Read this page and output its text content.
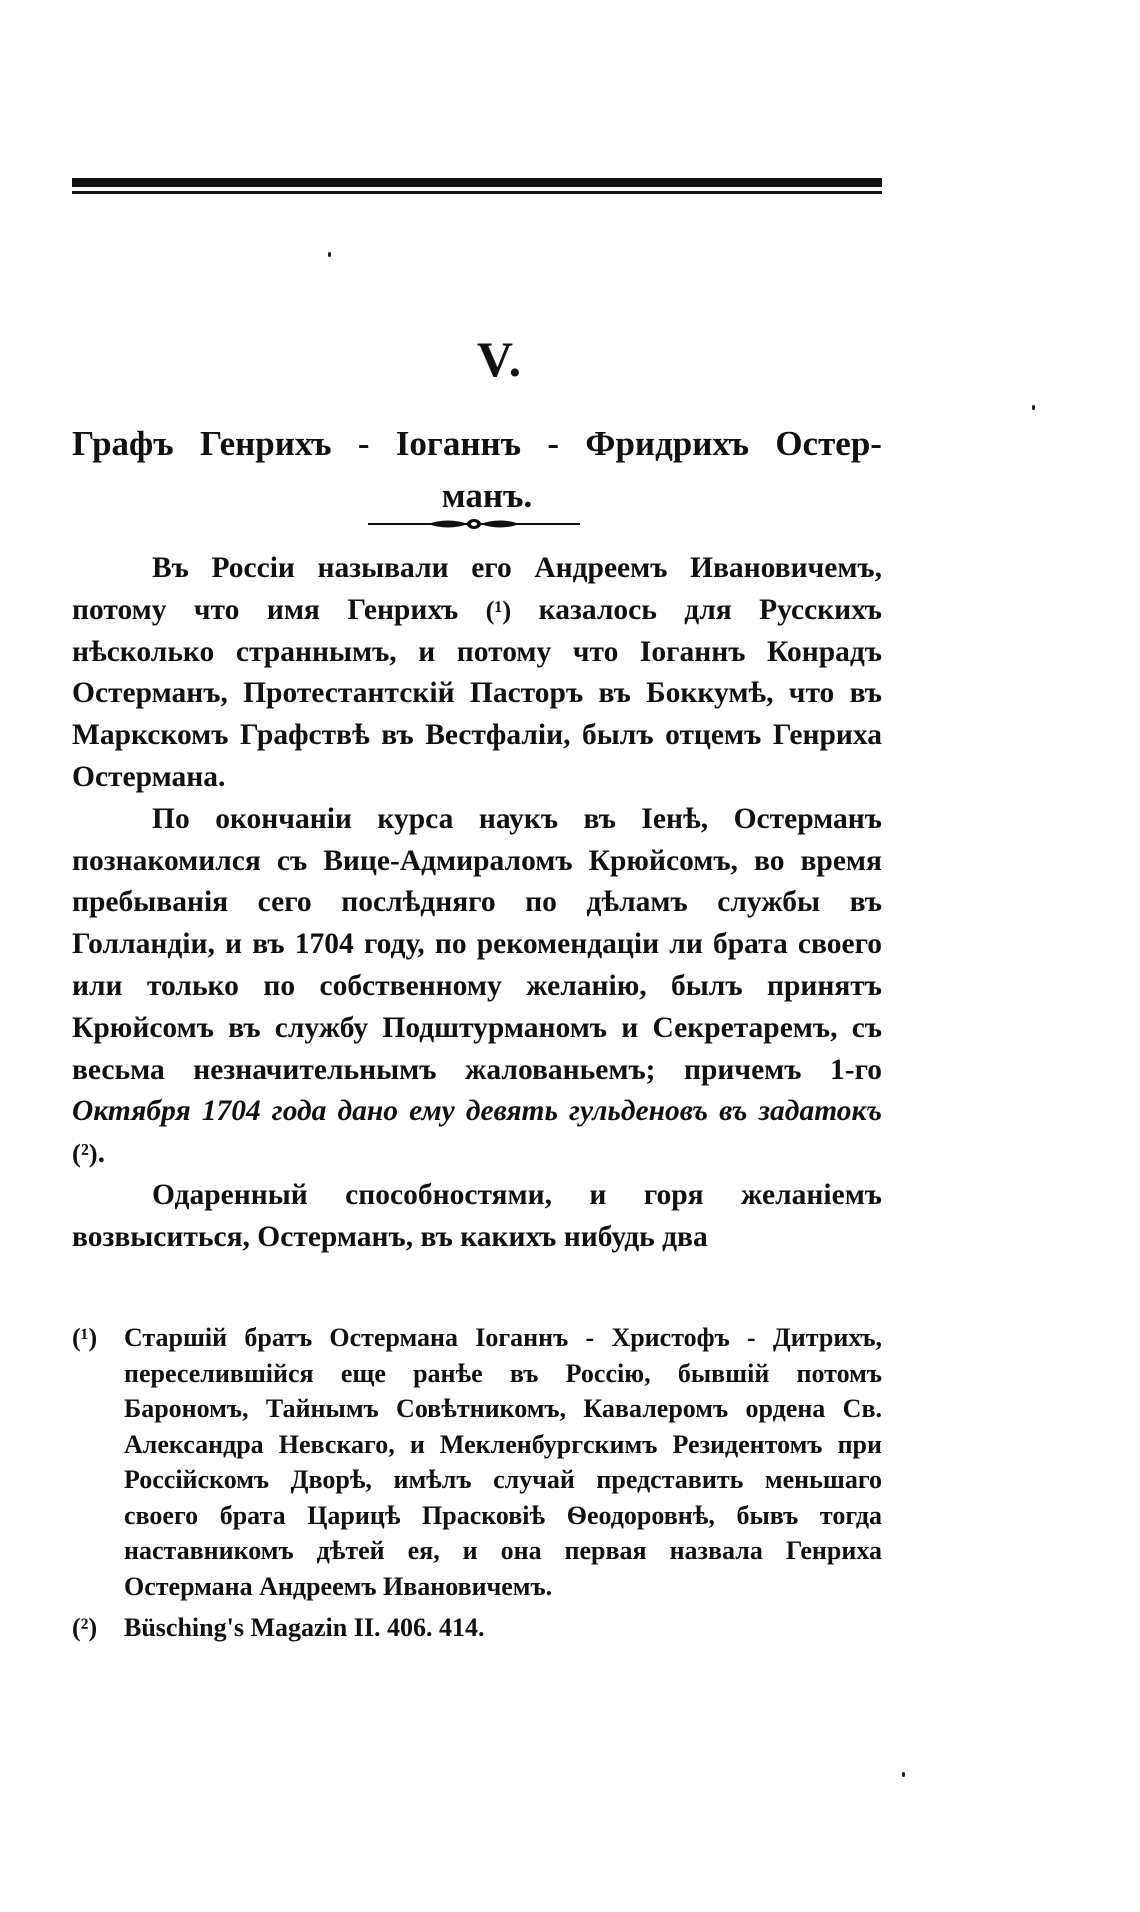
V.
Графъ Генрихъ - Іоганнъ - Фридрихъ Остер-
манъ.

Въ Россіи называли его Андреемъ Ивановичемъ, потому что имя Генрихъ (¹) казалось для Русскихъ нѣсколько страннымъ, и потому что Іоганнъ Конрадъ Остерманъ, Протестантскій Пасторъ въ Боккумѣ, что въ Маркскомъ Графствѣ въ Вестфаліи, былъ отцемъ Генриха Остермана.

По окончаніи курса наукъ въ Іенѣ, Остерманъ познакомился съ Вице-Адмираломъ Крюйсомъ, во время пребыванія сего послѣдняго по дѣламъ службы въ Голландіи, и въ 1704 году, по рекомендаціи ли брата своего или только по собственному желанію, былъ принятъ Крюйсомъ въ службу Подштурманомъ и Секретаремъ, съ весьма незначительнымъ жалованьемъ; причемъ 1-го Октября 1704 года дано ему девять гульденовъ въ задатокъ (²).

Одаренный способностями, и горя желаніемъ возвыситься, Остерманъ, въ какихъ нибудь два

(¹)	Старшій братъ Остермана Іоганнъ - Христофъ - Дитрихъ, переселившійся еще ранѣе въ Россію, бывшій потомъ Барономъ, Тайнымъ Совѣтникомъ, Кавалеромъ ордена Св. Александра Невскаго, и Мекленбургскимъ Резидентомъ при Россійскомъ Дворѣ, имѣлъ случай представить меньшаго своего брата Царицѣ Прасковіѣ Ѳеодоровнѣ, бывъ тогда наставникомъ дѣтей ея, и она первая назвала Генриха Остермана Андреемъ Ивановичемъ.
(²)	Büsching's Magazin II. 406. 414.
